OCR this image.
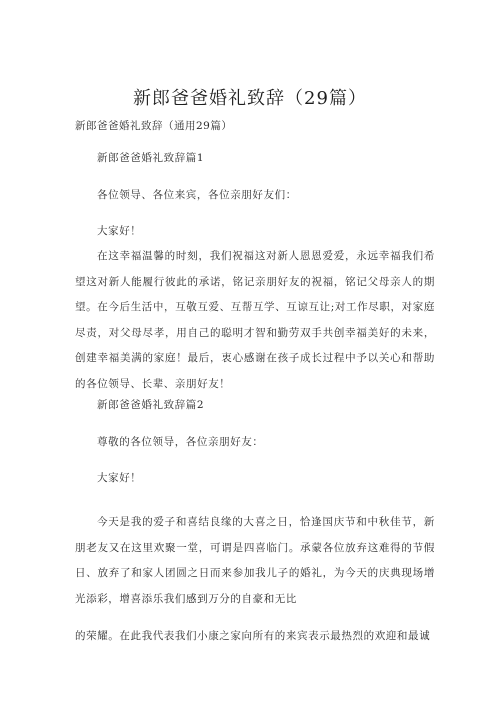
新郎爸爸婚礼致辞（29篇）
新郎爸爸婚礼致辞（通用29篇）
新郎爸爸婚礼致辞篇1
各位领导、各位来宾，各位亲朋好友们：
大家好！
在这幸福温馨的时刻，我们祝福这对新人恩恩爱爱，永远幸福我们希望这对新人能履行彼此的承诺，铭记亲朋好友的祝福，铭记父母亲人的期望。在今后生活中，互敬互爱、互帮互学、互谅互让;对工作尽职，对家庭尽责，对父母尽孝，用自己的聪明才智和勤劳双手共创幸福美好的未来，创建幸福美满的家庭！最后，衷心感谢在孩子成长过程中予以关心和帮助的各位领导、长辈、亲朋好友！
新郎爸爸婚礼致辞篇2
尊敬的各位领导，各位亲朋好友：
大家好！
今天是我的爱子和喜结良缘的大喜之日，恰逢国庆节和中秋佳节，新朋老友又在这里欢聚一堂，可谓是四喜临门。承蒙各位放弃这难得的节假日、放弃了和家人团圆之日而来参加我儿子的婚礼，为今天的庆典现场增光添彩，增喜添乐我们感到万分的自豪和无比
的荣耀。在此我代表我们小康之家向所有的来宾表示最热烈的欢迎和最诚
